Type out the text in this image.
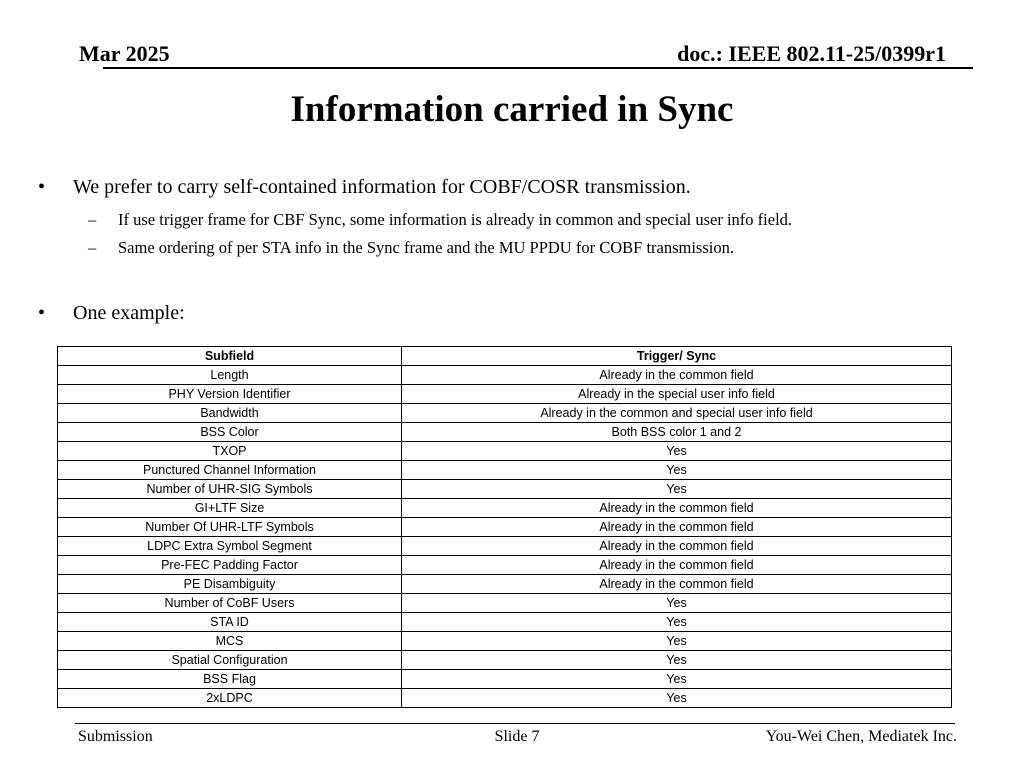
Mar 2025	doc.: IEEE 802.11-25/0399r1
Information carried in Sync
• We prefer to carry self-contained information for COBF/COSR transmission.
– If use trigger frame for CBF Sync, some information is already in common and special user info field.
– Same ordering of per STA info in the Sync frame and the MU PPDU for COBF transmission.
• One example:
Subfield	Trigger/ Sync
Length	Already in the common field
PHY Version Identifier	Already in the special user info field
Bandwidth	Already in the common and special user info field
BSS Color	Both BSS color 1 and 2
TXOP	Yes
Punctured Channel Information	Yes
Number of UHR-SIG Symbols	Yes
GI+LTF Size	Already in the common field
Number Of UHR-LTF Symbols	Already in the common field
LDPC Extra Symbol Segment	Already in the common field
Pre-FEC Padding Factor	Already in the common field
PE Disambiguity	Already in the common field
Number of CoBF Users	Yes
STA ID	Yes
MCS	Yes
Spatial Configuration	Yes
BSS Flag	Yes
2xLDPC	Yes
Submission	Slide 7	You-Wei Chen, Mediatek Inc.
